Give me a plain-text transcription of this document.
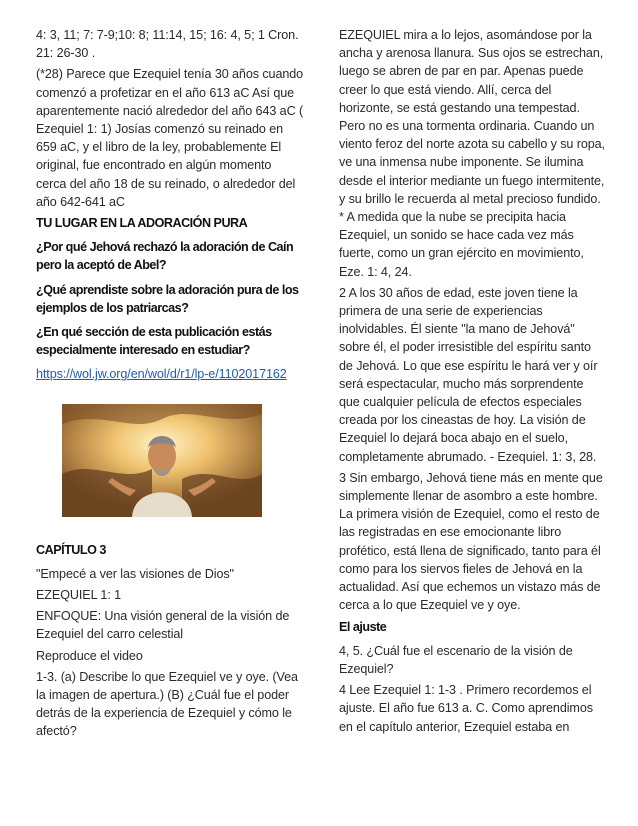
4: 3, 11; 7: 7-9;10: 8; 11:14, 15; 16: 4, 5; 1 Cron. 21: 26-30 .

(*28) Parece que Ezequiel tenía 30 años cuando comenzó a profetizar en el año 613 aC Así que aparentemente nació alrededor del año 643 aC ( Ezequiel 1: 1) Josías comenzó su reinado en 659 aC, y el libro de la ley, probablemente El original, fue encontrado en algún momento cerca del año 18 de su reinado, o alrededor del año 642-641 aC

TU LUGAR EN LA ADORACIÓN PURA

¿Por qué Jehová rechazó la adoración de Caín pero la aceptó de Abel?

¿Qué aprendiste sobre la adoración pura de los ejemplos de los patriarcas?

¿En qué sección de esta publicación estás especialmente interesado en estudiar?

https://wol.jw.org/en/wol/d/r1/lp-e/1102017162

CAPÍTULO 3

"Empecé a ver las visiones de Dios"

EZEQUIEL 1: 1

ENFOQUE: Una visión general de la visión de Ezequiel del carro celestial

Reproduce el video

1-3. (a) Describe lo que Ezequiel ve y oye. (Vea la imagen de apertura.) (B) ¿Cuál fue el poder detrás de la experiencia de Ezequiel y cómo le afectó?

EZEQUIEL mira a lo lejos, asomándose por la ancha y arenosa llanura. Sus ojos se estrechan, luego se abren de par en par. Apenas puede creer lo que está viendo. Allí, cerca del horizonte, se está gestando una tempestad. Pero no es una tormenta ordinaria. Cuando un viento feroz del norte azota su cabello y su ropa, ve una inmensa nube imponente. Se ilumina desde el interior mediante un fuego intermitente, y su brillo le recuerda al metal precioso fundido. * A medida que la nube se precipita hacia Ezequiel, un sonido se hace cada vez más fuerte, como un gran ejército en movimiento, Eze. 1: 4, 24.

2 A los 30 años de edad, este joven tiene la primera de una serie de experiencias inolvidables. Él siente "la mano de Jehová" sobre él, el poder irresistible del espíritu santo de Jehová. Lo que ese espíritu le hará ver y oír será espectacular, mucho más sorprendente que cualquier película de efectos especiales creada por los cineastas de hoy. La visión de Ezequiel lo dejará boca abajo en el suelo, completamente abrumado. - Ezequiel. 1: 3, 28.

3 Sin embargo, Jehová tiene más en mente que simplemente llenar de asombro a este hombre. La primera visión de Ezequiel, como el resto de las registradas en ese emocionante libro profético, está llena de significado, tanto para él como para los siervos fieles de Jehová en la actualidad. Así que echemos un vistazo más de cerca a lo que Ezequiel ve y oye.

El ajuste

4, 5. ¿Cuál fue el escenario de la visión de Ezequiel?

4 Lee Ezequiel 1: 1-3 . Primero recordemos el ajuste. El año fue 613 a. C. Como aprendimos en el capítulo anterior, Ezequiel estaba en
